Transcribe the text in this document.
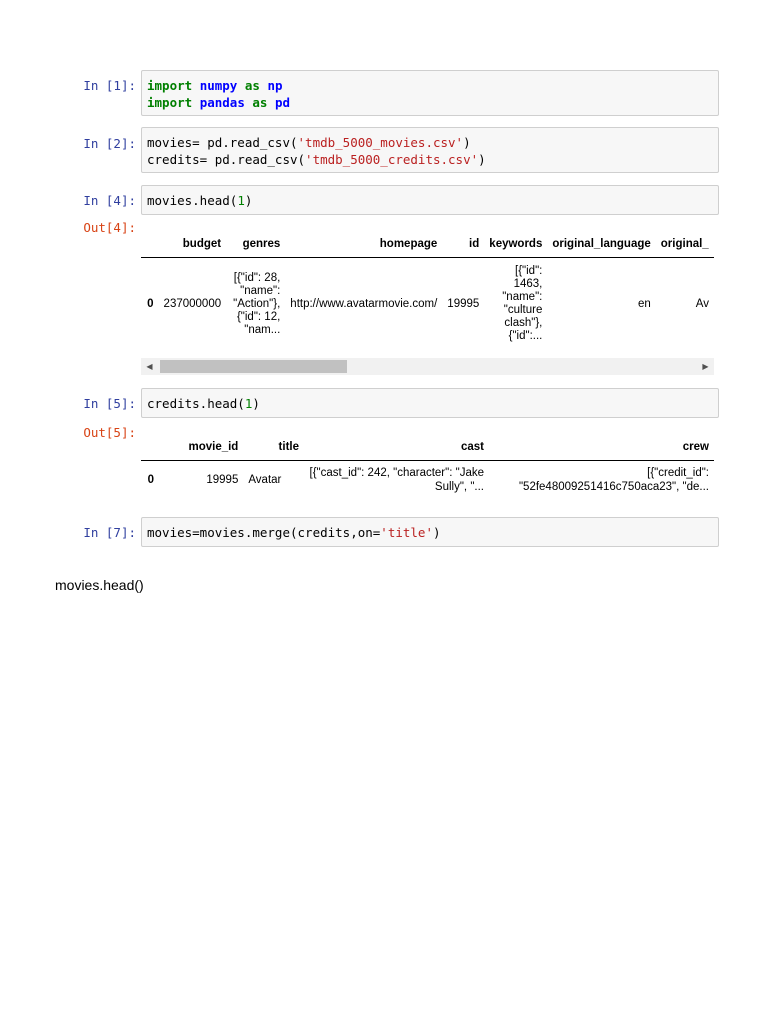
In [1]: import numpy as np
import pandas as pd
In [2]: movies= pd.read_csv('tmdb_5000_movies.csv')
credits= pd.read_csv('tmdb_5000_credits.csv')
In [4]: movies.head(1)
Out[4]:
	budget	genres	homepage	id	keywords	original_language	original_
0	237000000	[{"id": 28, "name": "Action"}, {"id": 12, "nam...	http://www.avatarmovie.com/	19995	[{"id": 1463, "name": "culture clash"}, {"id":...	en	Av
◀	▶
In [5]: credits.head(1)
Out[5]:
	movie_id	title	cast	crew
0	19995	Avatar	[{"cast_id": 242, "character": "Jake Sully", "...	[{"credit_id": "52fe48009251416c750aca23", "de...
In [7]: movies=movies.merge(credits,on='title')
movies.head()
